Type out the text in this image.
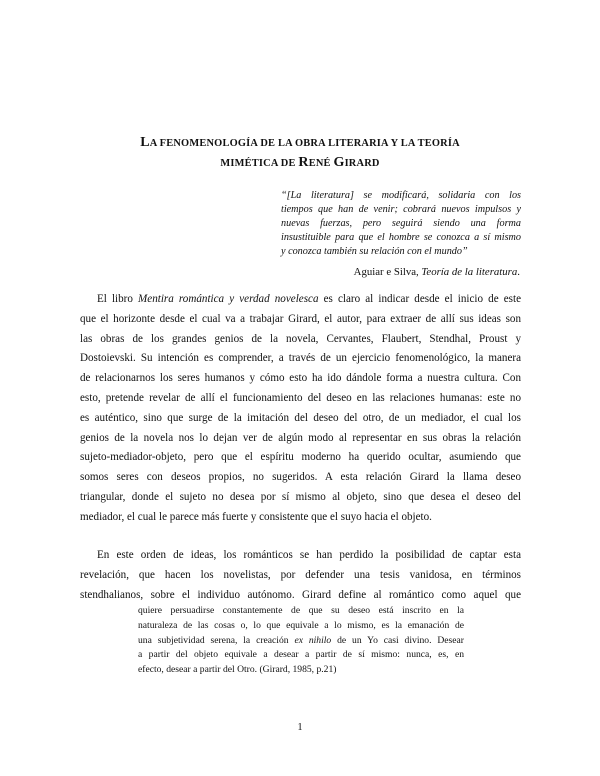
LA FENOMENOLOGÍA DE LA OBRA LITERARIA Y LA TEORÍA
MIMÉTICA DE RENÉ GIRARD
“[La literatura] se modificará, solidaria con los
tiempos que han de venir; cobrará nuevos impulsos y
nuevas fuerzas, pero seguirá siendo una forma
insustituible para que el hombre se conozca a sí mismo
y conozca también su relación con el mundo”
Aguiar e Silva, Teoría de la literatura.
El libro Mentira romántica y verdad novelesca es claro al indicar desde el inicio de este
que el horizonte desde el cual va a trabajar Girard, el autor, para extraer de allí sus ideas son
las obras de los grandes genios de la novela, Cervantes, Flaubert, Stendhal, Proust y
Dostoievski. Su intención es comprender, a través de un ejercicio fenomenológico, la manera
de relacionarnos los seres humanos y cómo esto ha ido dándole forma a nuestra cultura. Con
esto, pretende revelar de allí el funcionamiento del deseo en las relaciones humanas: este no
es auténtico, sino que surge de la imitación del deseo del otro, de un mediador, el cual los
genios de la novela nos lo dejan ver de algún modo al representar en sus obras la relación
sujeto-mediador-objeto, pero que el espíritu moderno ha querido ocultar, asumiendo que
somos seres con deseos propios, no sugeridos. A esta relación Girard la llama deseo
triangular, donde el sujeto no desea por sí mismo al objeto, sino que desea el deseo del
mediador, el cual le parece más fuerte y consistente que el suyo hacia el objeto.
En este orden de ideas, los románticos se han perdido la posibilidad de captar esta
revelación, que hacen los novelistas, por defender una tesis vanidosa, en términos
stendhalianos, sobre el individuo autónomo. Girard define al romántico como aquel que
quiere persuadirse constantemente de que su deseo está inscrito en la
naturaleza de las cosas o, lo que equivale a lo mismo, es la emanación de
una subjetividad serena, la creación ex nihilo de un Yo casi divino. Desear
a partir del objeto equivale a desear a partir de sí mismo: nunca, es, en
efecto, desear a partir del Otro. (Girard, 1985, p.21)
1
